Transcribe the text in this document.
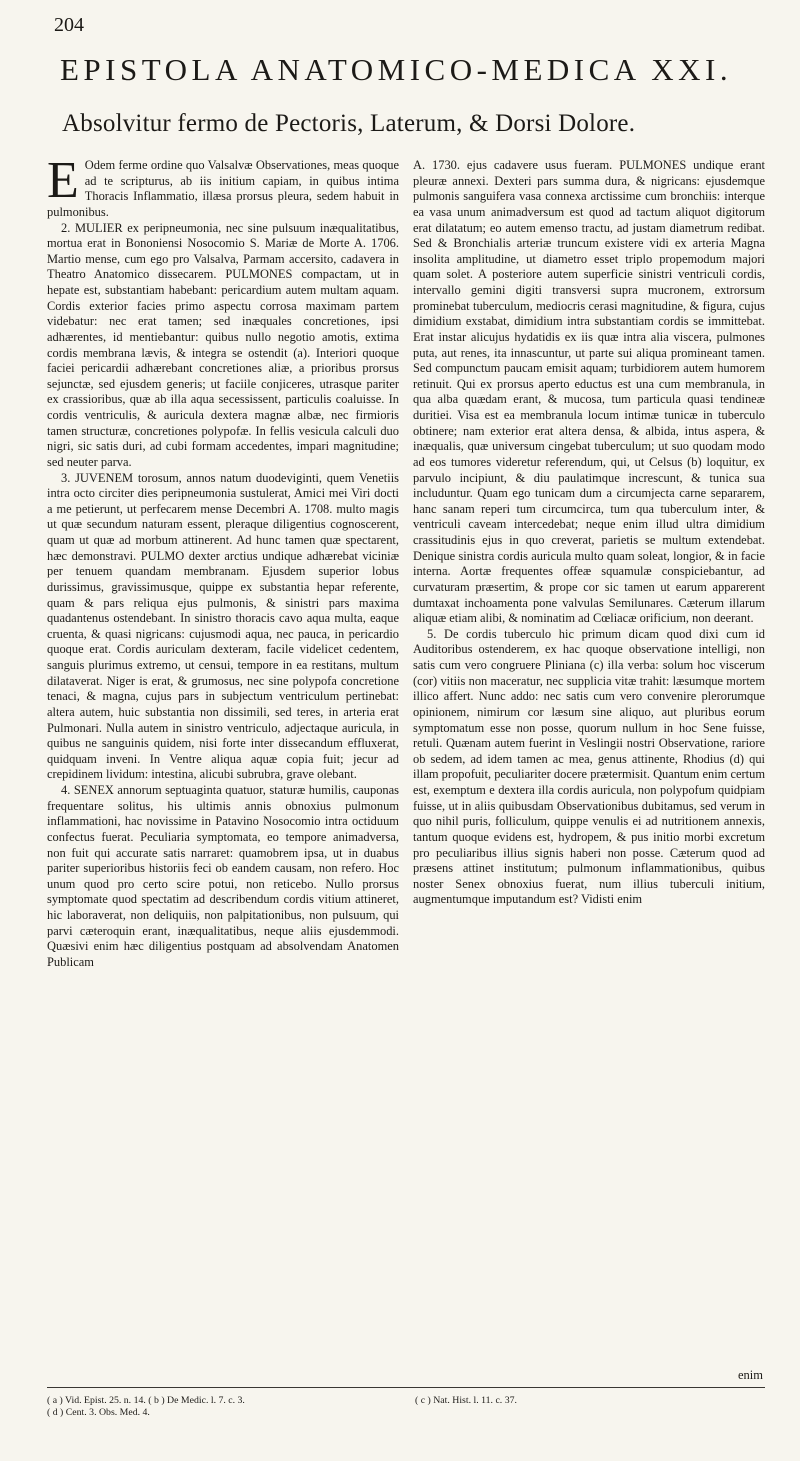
204
EPISTOLA ANATOMICO-MEDICA XXI.
Absolvitur fermo de Pectoris, Laterum, & Dorsi Dolore.

E Odem ferme ordine quo Valsalvæ Observationes, meas quoque ad te scripturus, ab iis initium capiam, in quibus intima Thoracis Inflammatio, illæsa prorsus pleura, sedem habuit in pulmonibus.

2. MULIER ex peripneumonia, nec sine pulsuum inæqualitatibus, mortua erat in Bononiensi Nosocomio S. Mariæ de Morte A. 1706. Martio mense, cum ego pro Valsalva, Parmam accersito, cadavera in Theatro Anatomico dissecarem. PULMONES compactam, ut in hepate est, substantiam habebant: pericardium autem multam aquam. Cordis exterior facies primo aspectu corrosa maximam partem videbatur: nec erat tamen; sed inæquales concretiones, ipsi adhærentes, id mentiebantur: quibus nullo negotio amotis, extima cordis membrana lævis, & integra se ostendit (a). Interiori quoque faciei pericardii adhærebant concretiones aliæ, a prioribus prorsus sejunctæ, sed ejusdem generis; ut faciile conjiceres, utrasque pariter ex crassioribus, quæ ab illa aqua secessissent, particulis coaluisse. In cordis ventriculis, & auricula dextera magnæ albæ, nec firmioris tamen structuræ, concretiones polypofæ. In fellis vesicula calculi duo nigri, sic satis duri, ad cubi formam accedentes, impari magnitudine; sed neuter parva.

3. JUVENEM torosum, annos natum duodeviginti, quem Venetiis intra octo circiter dies peripneumonia sustulerat, Amici mei Viri docti a me petierunt, ut perfecarem mense Decembri A. 1708. multo magis ut quæ secundum naturam essent, pleraque diligentius cognoscerent, quam ut quæ ad morbum attinerent. Ad hunc tamen quæ spectarent, hæc demonstravi. PULMO dexter arctius undique adhærebat viciniæ per tenuem quandam membranam. Ejusdem superior lobus durissimus, gravissimusque, quippe ex substantia hepar referente, quam & pars reliqua ejus pulmonis, & sinistri pars maxima quadantenus ostendebant. In sinistro thoracis cavo aqua multa, eaque cruenta, & quasi nigricans: cujusmodi aqua, nec pauca, in pericardio quoque erat. Cordis auriculam dexteram, facile videlicet cedentem, sanguis plurimus extremo, ut censui, tempore in ea restitans, multum dilataverat. Niger is erat, & grumosus, nec sine polypofa concretione tenaci, & magna, cujus pars in subjectum ventriculum pertinebat: altera autem, huic substantia non dissimili, sed teres, in arteria erat Pulmonari. Nulla autem in sinistro ventriculo, adjectaque auricula, in quibus ne sanguinis quidem, nisi forte inter dissecandum effluxerat, quidquam inveni. In Ventre aliqua aquæ copia fuit; jecur ad crepidinem lividum: intestina, alicubi subrubra, grave olebant.

4. SENEX annorum septuaginta quatuor, staturæ humilis, cauponas frequentare solitus, his ultimis annis obnoxius pulmonum inflammationi, hac novissime in Patavino Nosocomio intra octiduum confectus fuerat. Peculiaria symptomata, eo tempore animadversa, non fuit qui accurate satis narraret: quamobrem ipsa, ut in duabus pariter superioribus historiis feci ob eandem causam, non refero. Hoc unum quod pro certo scire potui, non reticebo. Nullo prorsus symptomate quod spectatim ad describendum cordis vitium attineret, hic laboraverat, non deliquiis, non palpitationibus, non pulsuum, qui parvi cæteroquin erant, inæqualitatibus, neque aliis ejusdemmodi. Quæsivi enim hæc diligentius postquam ad absolvendam Anatomen Publicam

A. 1730. ejus cadavere usus fueram. PULMONES undique erant pleuræ annexi. Dexteri pars summa dura, & nigricans: ejusdemque pulmonis sanguifera vasa connexa arctissime cum bronchiis: interque ea vasa unum animadversum est quod ad tactum aliquot digitorum erat dilatatum; eo autem emenso tractu, ad justam diametrum redibat. Sed & Bronchialis arteriæ truncum existere vidi ex arteria Magna insolita amplitudine, ut diametro esset triplo propemodum majori quam solet. A posteriore autem superficie sinistri ventriculi cordis, intervallo gemini digiti transversi supra mucronem, extrorsum prominebat tuberculum, mediocris cerasi magnitudine, & figura, cujus dimidium exstabat, dimidium intra substantiam cordis se immittebat. Erat instar alicujus hydatidis ex iis quæ intra alia viscera, pulmones puta, aut renes, ita innascuntur, ut parte sui aliqua promineant tamen. Sed compunctum paucam emisit aquam; turbidiorem autem humorem retinuit. Qui ex prorsus aperto eductus est una cum membranula, in qua alba quædam erant, & mucosa, tum particula quasi tendineæ duritiei. Visa est ea membranula locum intimæ tunicæ in tuberculo obtinere; nam exterior erat altera densa, & albida, intus aspera, & inæqualis, quæ universum cingebat tuberculum; ut suo quodam modo ad eos tumores videretur referendum, qui, ut Celsus (b) loquitur, ex parvulo incipiunt, & diu paulatimque increscunt, & tunica sua includuntur. Quam ego tunicam dum a circumjecta carne separarem, hanc sanam reperi tum circumcirca, tum qua tuberculum inter, & ventriculi caveam intercedebat; neque enim illud ultra dimidium crassitudinis ejus in quo creverat, parietis se multum extendebat. Denique sinistra cordis auricula multo quam soleat, longior, & in facie interna. Aortæ frequentes offeæ squamulæ conspiciebantur, ad curvaturam præsertim, & prope cor sic tamen ut earum apparerent dumtaxat inchoamenta pone valvulas Semilunares. Cæterum illarum aliquæ etiam alibi, & nominatim ad Cœliacæ orificium, non deerant.

5. De cordis tuberculo hic primum dicam quod dixi cum id Auditoribus ostenderem, ex hac quoque observatione intelligi, non satis cum vero congruere Pliniana (c) illa verba: solum hoc viscerum (cor) vitiis non maceratur, nec supplicia vitæ trahit: læsumque mortem illico affert. Nunc addo: nec satis cum vero convenire plerorumque opinionem, nimirum cor læsum sine aliquo, aut pluribus eorum symptomatum esse non posse, quorum nullum in hoc Sene fuisse, retuli. Quænam autem fuerint in Veslingii nostri Observatione, rariore ob sedem, ad idem tamen ac mea, genus attinente, Rhodius (d) qui illam propofuit, peculiariter docere prætermisit. Quantum enim certum est, exemptum e dextera illa cordis auricula, non polypofum quidpiam fuisse, ut in aliis quibusdam Observationibus dubitamus, sed verum in quo nihil puris, folliculum, quippe venulis ei ad nutritionem annexis, tantum quoque evidens est, hydropem, & pus initio morbi excretum pro peculiaribus illius signis haberi non posse. Cæterum quod ad præsens attinet institutum; pulmonum inflammationibus, quibus noster Senex obnoxius fuerat, num illius tuberculi initium, augmentumque imputandum est? Vidisti enim

enim
( a ) Vid. Epist. 25. n. 14. ( b ) De Medic. l. 7. c. 3.
( d ) Cent. 3. Obs. Med. 4.
( c ) Nat. Hist. l. 11. c. 37.
